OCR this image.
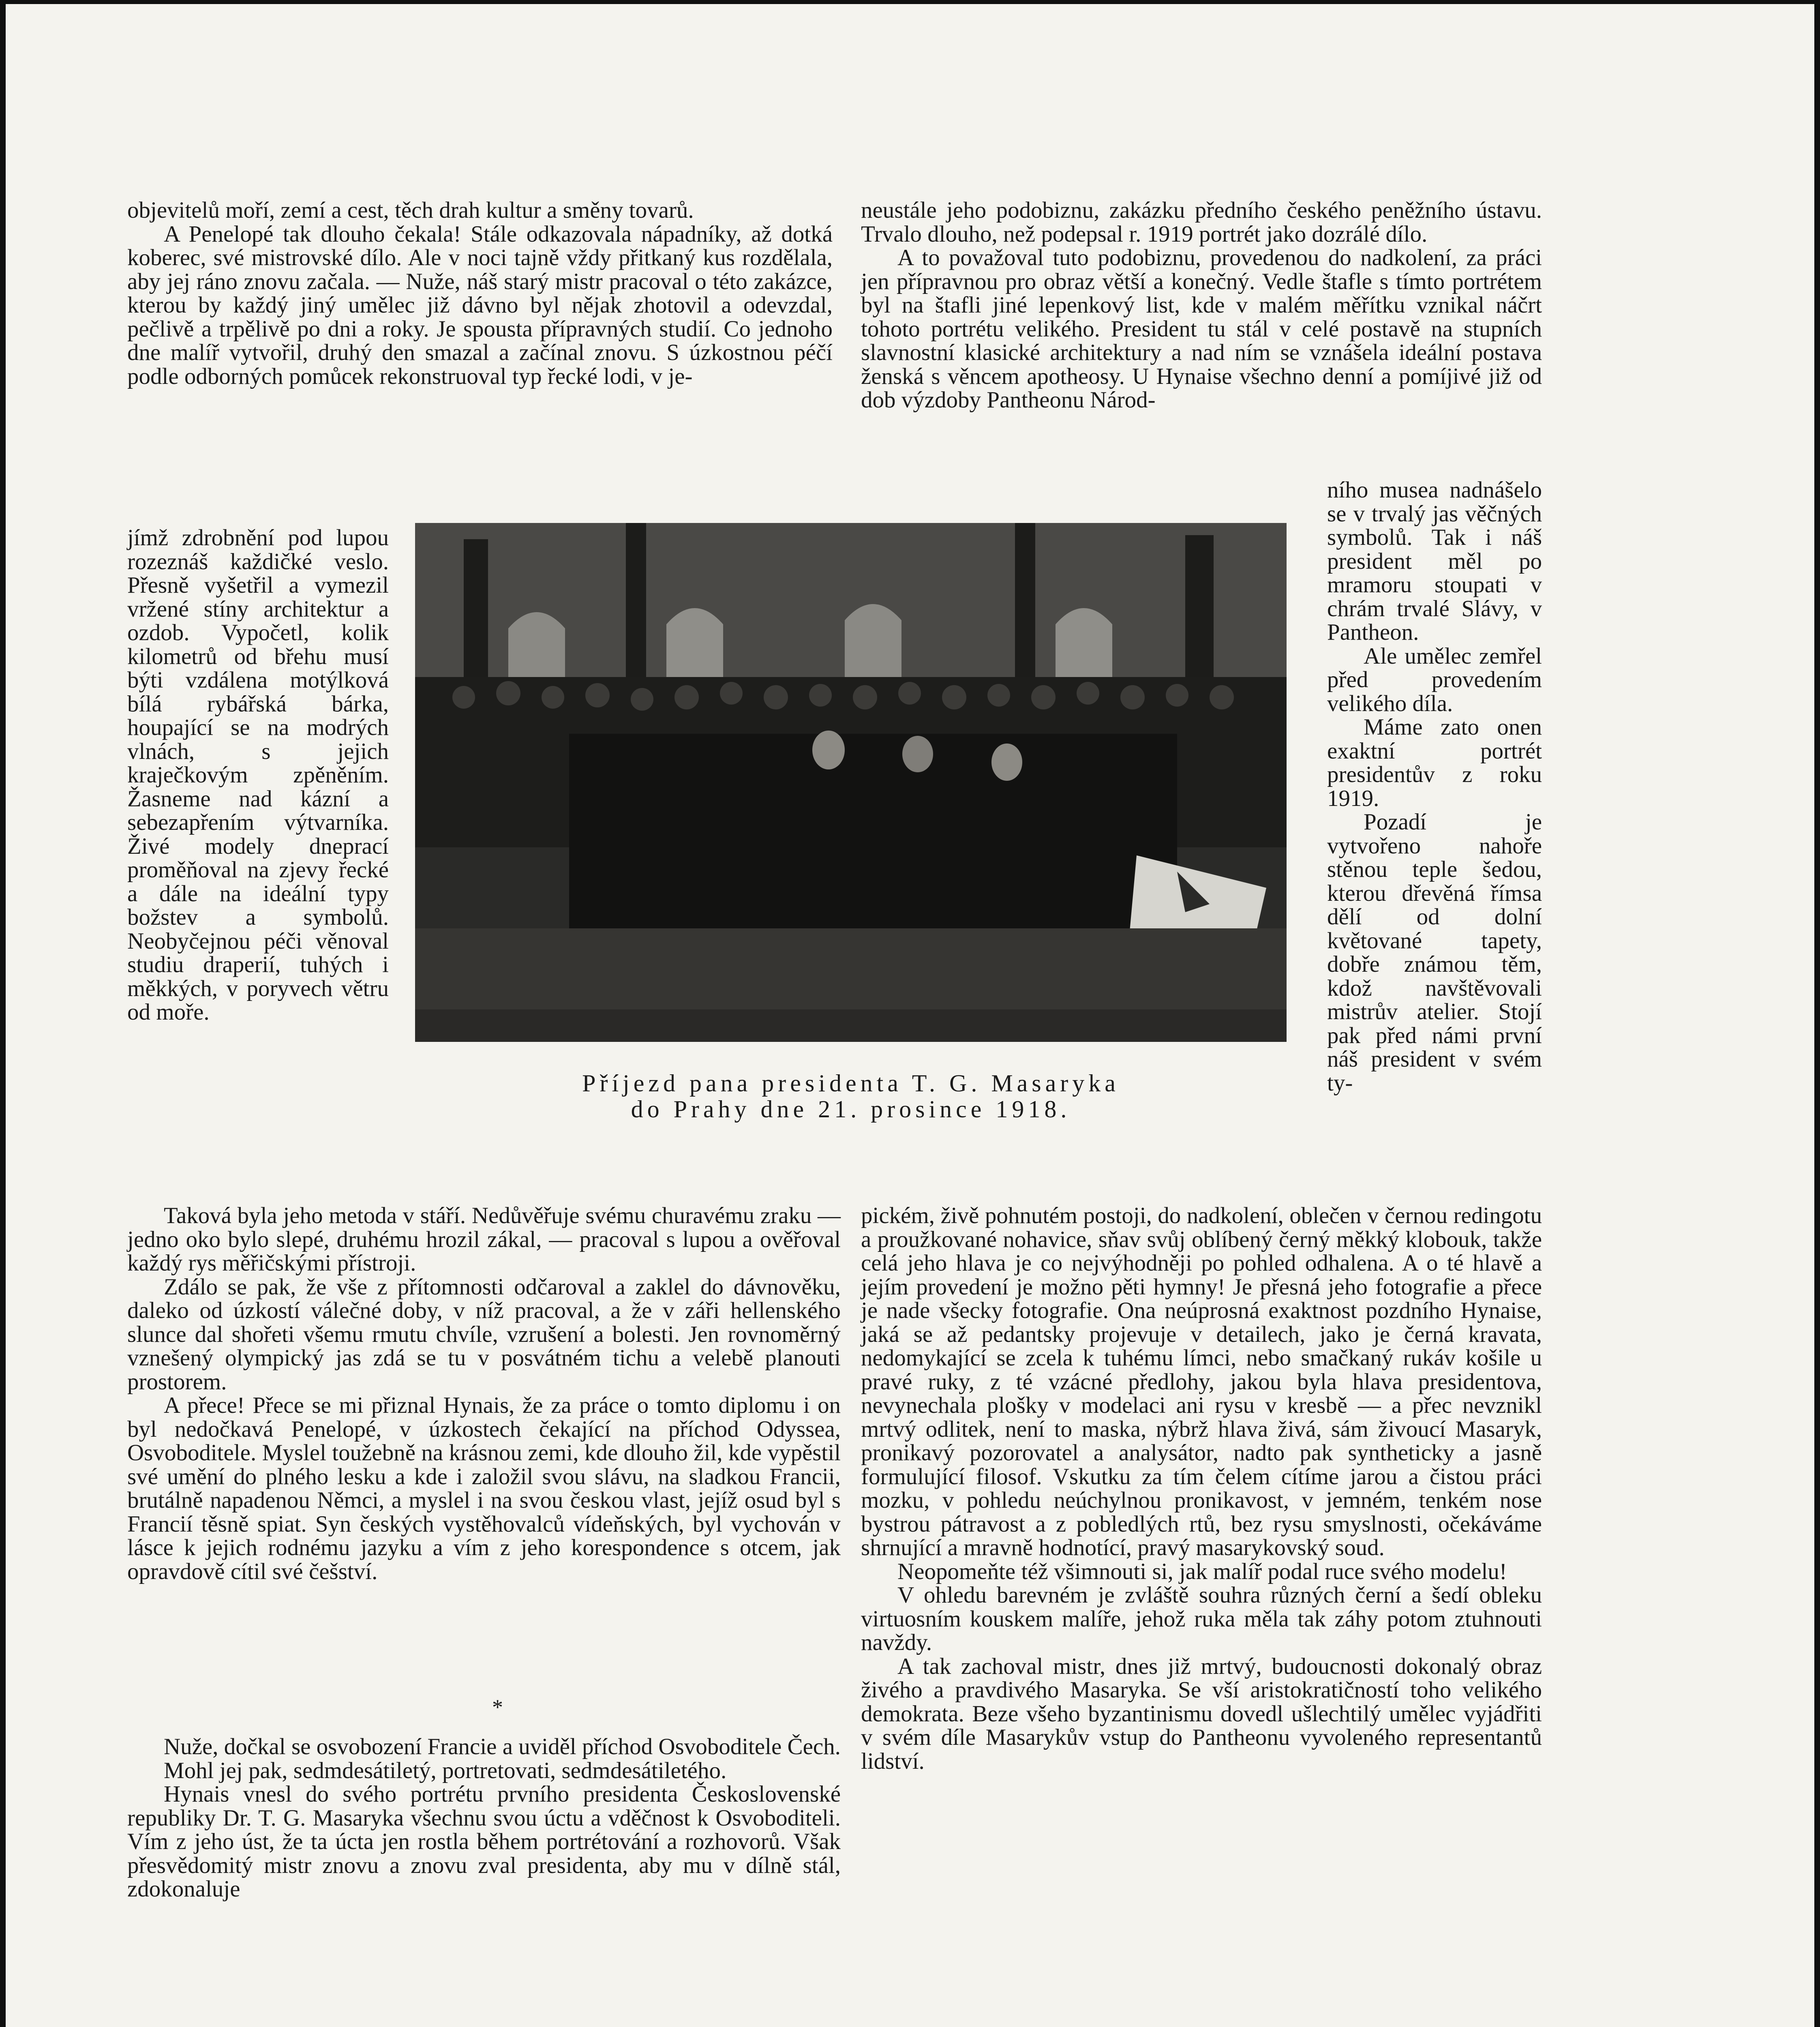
objevitelů moří, zemí a cest, těch drah kultur a směny tovarů.

A Penelopé tak dlouho čekala! Stále odkazovala nápadníky, až dotká koberec, své mistrovské dílo. Ale v noci tajně vždy přitkaný kus rozdělala, aby jej ráno znovu začala. — Nuže, náš starý mistr pracoval o této zakázce, kterou by každý jiný umělec již dávno byl nějak zhotovil a odevzdal, pečlivě a trpělivě po dni a roky. Je spousta přípravných studií. Co jednoho dne malíř vytvořil, druhý den smazal a začínal znovu. S úzkostnou péčí podle odborných pomůcek rekonstruoval typ řecké lodi, v je-

jímž zdrobnění pod lupou rozeznáš každičké veslo. Přesně vyšetřil a vymezil vržené stíny architektur a ozdob. Vypočetl, kolik kilometrů od břehu musí býti vzdálena motýlková bílá rybářská bárka, houpající se na modrých vlnách, s jejich kraječkovým zpěněním. Žasneme nad kázní a sebezapřením výtvarníka. Živé modely dneprací proměňoval na zjevy řecké a dále na ideální typy božstev a symbolů. Neobyčejnou péči věnoval studiu draperií, tuhých i měkkých, v poryvech větru od moře.

Příjezd pana presidenta T. G. Masaryka
do Prahy dne 21. prosince 1918.

Taková byla jeho metoda v stáří. Nedůvěřuje svému churavému zraku — jedno oko bylo slepé, druhému hrozil zákal, — pracoval s lupou a ověřoval každý rys měřičskými přístroji.

Zdálo se pak, že vše z přítomnosti odčaroval a zaklel do dávnověku, daleko od úzkostí válečné doby, v níž pracoval, a že v záři hellenského slunce dal shořeti všemu rmutu chvíle, vzrušení a bolesti. Jen rovnoměrný vznešený olympický jas zdá se tu v posvátném tichu a velebě planouti prostorem.

A přece! Přece se mi přiznal Hynais, že za práce o tomto diplomu i on byl nedočkavá Penelopé, v úzkostech čekající na příchod Odyssea, Osvoboditele. Myslel toužebně na krásnou zemi, kde dlouho žil, kde vypěstil své umění do plného lesku a kde i založil svou slávu, na sladkou Francii, brutálně napadenou Němci, a myslel i na svou českou vlast, jejíž osud byl s Francií těsně spiat. Syn českých vystěhovalců vídeňských, byl vychován v lásce k jejich rodnému jazyku a vím z jeho korespondence s otcem, jak opravdově cítil své češství.

*

Nuže, dočkal se osvobození Francie a uviděl příchod Osvoboditele Čech.

Mohl jej pak, sedmdesátiletý, portretovati, sedmdesátiletého.

Hynais vnesl do svého portrétu prvního presidenta Československé republiky Dr. T. G. Masaryka všechnu svou úctu a vděčnost k Osvoboditeli. Vím z jeho úst, že ta úcta jen rostla během portrétování a rozhovorů. Však přesvědomitý mistr znovu a znovu zval presidenta, aby mu v dílně stál, zdokonaluje

neustále jeho podobiznu, zakázku předního českého peněžního ústavu. Trvalo dlouho, než podepsal r. 1919 portrét jako dozrálé dílo.

A to považoval tuto podobiznu, provedenou do nadkolení, za práci jen přípravnou pro obraz větší a konečný. Vedle štafle s tímto portrétem byl na štafli jiné lepenkový list, kde v malém měřítku vznikal náčrt tohoto portrétu velikého. President tu stál v celé postavě na stupních slavnostní klasické architektury a nad ním se vznášela ideální postava ženská s věncem apotheosy. U Hynaise všechno denní a pomíjivé již od dob výzdoby Pantheonu Národ-

ního musea nadnášelo se v trvalý jas věčných symbolů. Tak i náš president měl po mramoru stoupati v chrám trvalé Slávy, v Pantheon.

Ale umělec zemřel před provedením velikého díla.

Máme zato onen exaktní portrét presidentův z roku 1919.

Pozadí je vytvořeno nahoře stěnou teple šedou, kterou dřevěná římsa dělí od dolní květované tapety, dobře známou těm, kdož navštěvovali mistrův atelier. Stojí pak před námi první náš president v svém ty-

pickém, živě pohnutém postoji, do nadkolení, oblečen v černou redingotu a proužkované nohavice, sňav svůj oblíbený černý měkký klobouk, takže celá jeho hlava je co nejvýhodněji po pohled odhalena. A o té hlavě a jejím provedení je možno pěti hymny! Je přesná jeho fotografie a přece je nade všecky fotografie. Ona neúprosná exaktnost pozdního Hynaise, jaká se až pedantsky projevuje v detailech, jako je černá kravata, nedomykající se zcela k tuhému límci, nebo smačkaný rukáv košile u pravé ruky, z té vzácné předlohy, jakou byla hlava presidentova, nevynechala plošky v modelaci ani rysu v kresbě — a přec nevznikl mrtvý odlitek, není to maska, nýbrž hlava živá, sám živoucí Masaryk, pronikavý pozorovatel a analysátor, nadto pak syntheticky a jasně formulující filosof. Vskutku za tím čelem cítíme jarou a čistou práci mozku, v pohledu neúchylnou pronikavost, v jemném, tenkém nose bystrou pátravost a z pobledlých rtů, bez rysu smyslnosti, očekáváme shrnující a mravně hodnotící, pravý masarykovský soud.

Neopomeňte též všimnouti si, jak malíř podal ruce svého modelu!

V ohledu barevném je zvláště souhra různých černí a šedí obleku virtuosním kouskem malíře, jehož ruka měla tak záhy potom ztuhnouti navždy.

A tak zachoval mistr, dnes již mrtvý, budoucnosti dokonalý obraz živého a pravdivého Masaryka. Se vší aristokratičností toho velikého demokrata. Beze všeho byzantinismu dovedl ušlechtilý umělec vyjádřiti v svém díle Masarykův vstup do Pantheonu vyvoleného representantů lidství.
